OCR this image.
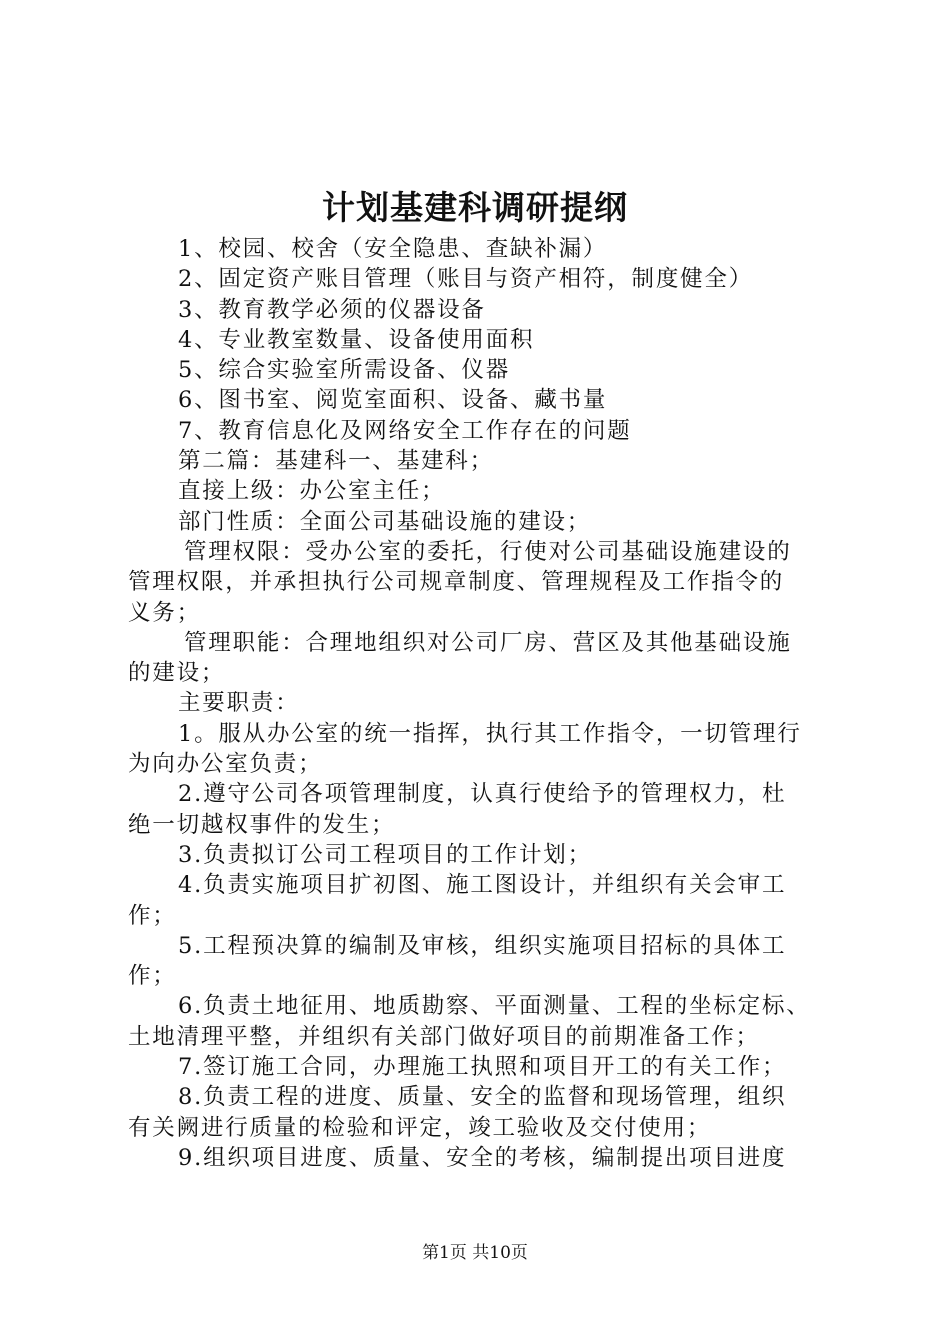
计划基建科调研提纲
1、校园、校舍（安全隐患、查缺补漏）
2、固定资产账目管理（账目与资产相符，制度健全）
3、教育教学必须的仪器设备
4、专业教室数量、设备使用面积
5、综合实验室所需设备、仪器
6、图书室、阅览室面积、设备、藏书量
7、教育信息化及网络安全工作存在的问题
第二篇：基建科一、基建科；
直接上级：办公室主任；
部门性质：全面公司基础设施的建设；
管理权限：受办公室的委托，行使对公司基础设施建设的
管理权限，并承担执行公司规章制度、管理规程及工作指令的
义务；
管理职能：合理地组织对公司厂房、营区及其他基础设施
的建设；
主要职责：
1。服从办公室的统一指挥，执行其工作指令，一切管理行
为向办公室负责；
2.遵守公司各项管理制度，认真行使给予的管理权力，杜
绝一切越权事件的发生；
3.负责拟订公司工程项目的工作计划；
4.负责实施项目扩初图、施工图设计，并组织有关会审工
作；
5.工程预决算的编制及审核，组织实施项目招标的具体工
作；
6.负责土地征用、地质勘察、平面测量、工程的坐标定标、
土地清理平整，并组织有关部门做好项目的前期准备工作；
7.签订施工合同，办理施工执照和项目开工的有关工作；
8.负责工程的进度、质量、安全的监督和现场管理，组织
有关阙进行质量的检验和评定，竣工验收及交付使用；
9.组织项目进度、质量、安全的考核，编制提出项目进度
第1页 共10页
